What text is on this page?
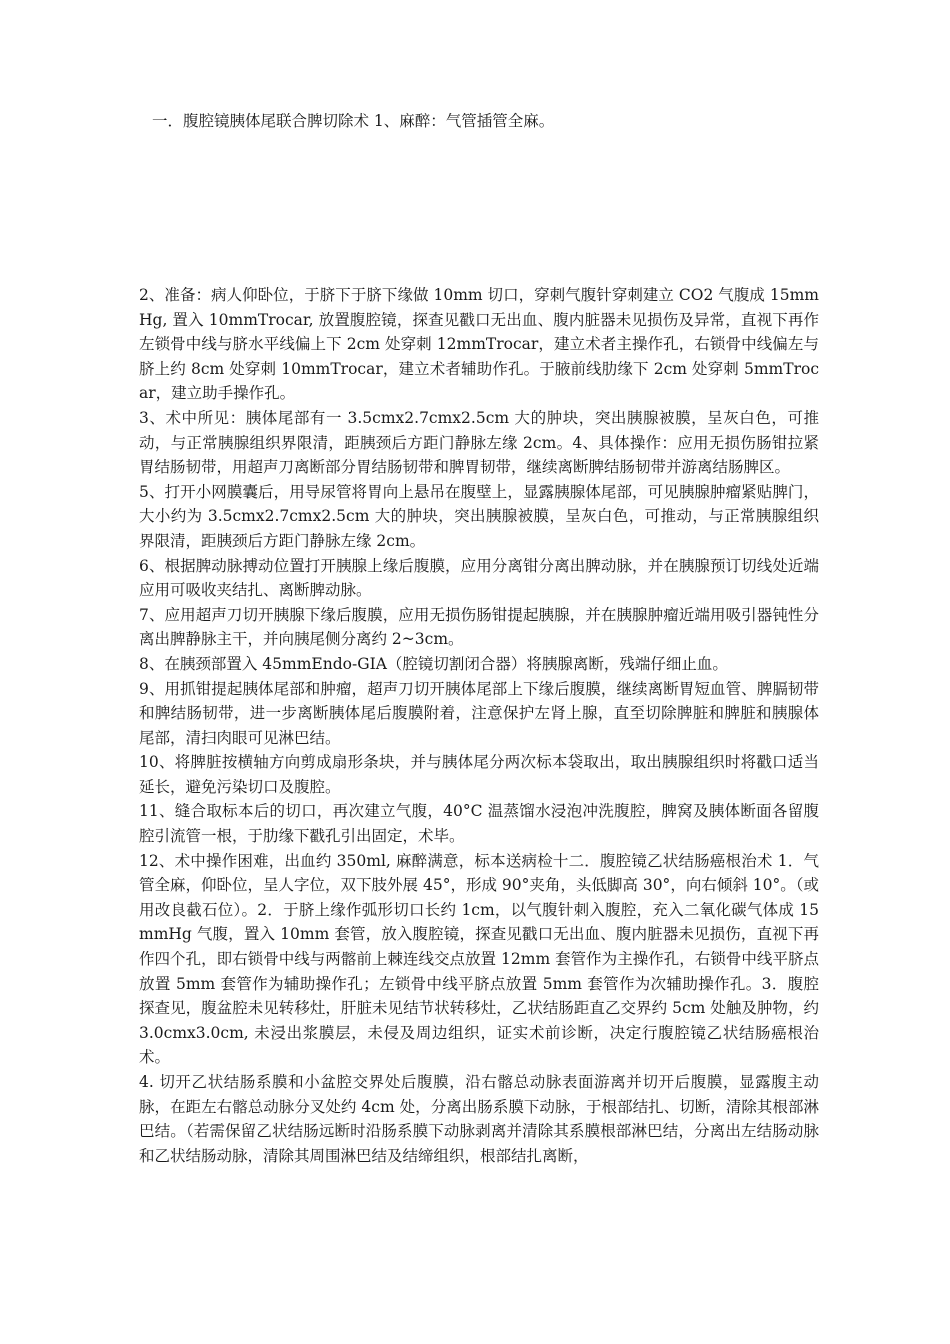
一．腹腔镜胰体尾联合脾切除术 1、麻醉：气管插管全麻。

2、准备：病人仰卧位，于脐下于脐下缘做 10mm 切口，穿刺气腹针穿刺建立 CO2 气腹成 15mmHg, 置入 10mmTrocar, 放置腹腔镜，探查见戳口无出血、腹内脏器未见损伤及异常，直视下再作左锁骨中线与脐水平线偏上下 2cm 处穿刺 12mmTrocar，建立术者主操作孔，右锁骨中线偏左与脐上约 8cm 处穿刺 10mmTrocar，建立术者辅助作孔。于腋前线肋缘下 2cm 处穿刺 5mmTrocar，建立助手操作孔。

3、术中所见：胰体尾部有一 3.5cmx2.7cmx2.5cm 大的肿块，突出胰腺被膜，呈灰白色，可推动，与正常胰腺组织界限清，距胰颈后方距门静脉左缘 2cm。4、具体操作：应用无损伤肠钳拉紧胃结肠韧带，用超声刀离断部分胃结肠韧带和脾胃韧带，继续离断脾结肠韧带并游离结肠脾区。

5、打开小网膜囊后，用导尿管将胃向上悬吊在腹壁上，显露胰腺体尾部，可见胰腺肿瘤紧贴脾门，大小约为 3.5cmx2.7cmx2.5cm 大的肿块，突出胰腺被膜，呈灰白色，可推动，与正常胰腺组织界限清，距胰颈后方距门静脉左缘 2cm。

6、根据脾动脉搏动位置打开胰腺上缘后腹膜，应用分离钳分离出脾动脉，并在胰腺预订切线处近端应用可吸收夹结扎、离断脾动脉。

7、应用超声刀切开胰腺下缘后腹膜，应用无损伤肠钳提起胰腺，并在胰腺肿瘤近端用吸引器钝性分离出脾静脉主干，并向胰尾侧分离约 2~3cm。

8、在胰颈部置入 45mmEndo-GIA（腔镜切割闭合器）将胰腺离断，残端仔细止血。

9、用抓钳提起胰体尾部和肿瘤，超声刀切开胰体尾部上下缘后腹膜，继续离断胃短血管、脾膈韧带和脾结肠韧带，进一步离断胰体尾后腹膜附着，注意保护左肾上腺，直至切除脾脏和脾脏和胰腺体尾部，清扫肉眼可见淋巴结。

10、将脾脏按横轴方向剪成扇形条块，并与胰体尾分两次标本袋取出，取出胰腺组织时将戳口适当延长，避免污染切口及腹腔。

11、缝合取标本后的切口，再次建立气腹，40°C 温蒸馏水浸泡冲洗腹腔，脾窝及胰体断面各留腹腔引流管一根，于肋缘下戳孔引出固定，术毕。

12、术中操作困难，出血约 350ml, 麻醉满意，标本送病检十二．腹腔镜乙状结肠癌根治术 1．气管全麻，仰卧位，呈人字位，双下肢外展 45°，形成 90°夹角，头低脚高 30°，向右倾斜 10°。（或用改良截石位）。2．于脐上缘作弧形切口长约 1cm，以气腹针刺入腹腔，充入二氧化碳气体成 15mmHg 气腹，置入 10mm 套管，放入腹腔镜，探查见戳口无出血、腹内脏器未见损伤，直视下再作四个孔，即右锁骨中线与两髂前上棘连线交点放置 12mm 套管作为主操作孔，右锁骨中线平脐点放置 5mm 套管作为辅助操作孔；左锁骨中线平脐点放置 5mm 套管作为次辅助操作孔。3．腹腔探查见，腹盆腔未见转移灶，肝脏未见结节状转移灶，乙状结肠距直乙交界约 5cm 处触及肿物，约 3.0cmx3.0cm, 未浸出浆膜层，未侵及周边组织，证实术前诊断，决定行腹腔镜乙状结肠癌根治术。

4. 切开乙状结肠系膜和小盆腔交界处后腹膜，沿右髂总动脉表面游离并切开后腹膜，显露腹主动脉，在距左右髂总动脉分叉处约 4cm 处，分离出肠系膜下动脉，于根部结扎、切断，清除其根部淋巴结。（若需保留乙状结肠远断时沿肠系膜下动脉剥离并清除其系膜根部淋巴结，分离出左结肠动脉和乙状结肠动脉，清除其周围淋巴结及结缔组织，根部结扎离断，
